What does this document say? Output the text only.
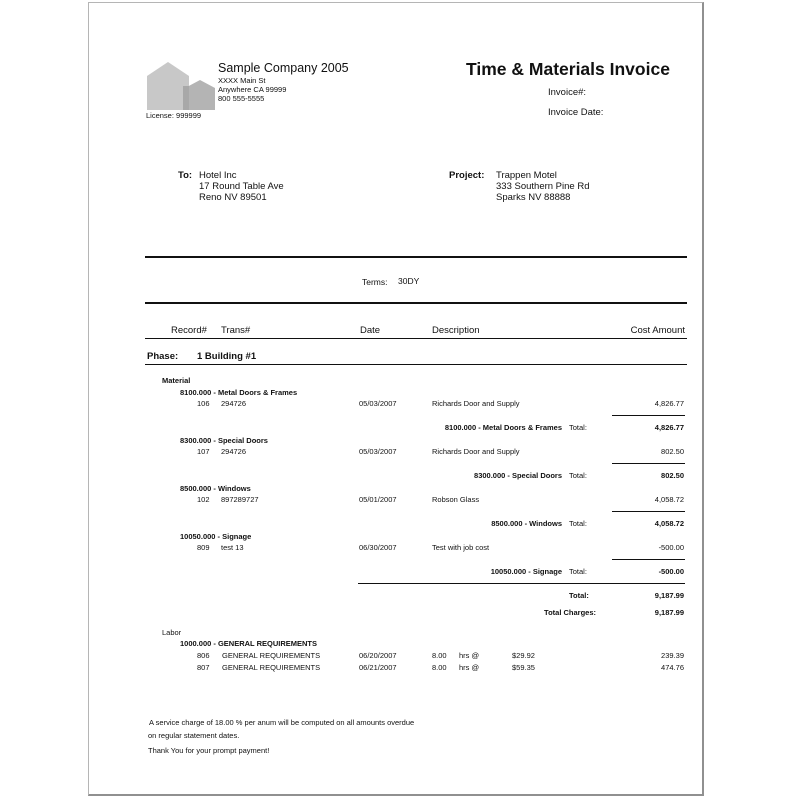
License: 999999
Sample Company 2005
XXXX Main St
Anywhere CA 99999
800 555-5555
Time & Materials Invoice
Invoice#:
Invoice Date:
To: Hotel Inc
17 Round Table Ave
Reno NV 89501
Project: Trappen Motel
333 Southern Pine Rd
Sparks NV 88888
Terms: 30DY
Record# Trans#	Date	Description	Cost Amount
Phase: 1 Building #1
Material
8100.000 - Metal Doors & Frames
106 294726	05/03/2007	Richards Door and Supply	4,826.77
8100.000 - Metal Doors & Frames Total:	4,826.77
8300.000 - Special Doors
107 294726	05/03/2007	Richards Door and Supply	802.50
8300.000 - Special Doors Total:	802.50
8500.000 - Windows
102 897289727	05/01/2007	Robson Glass	4,058.72
8500.000 - Windows Total:	4,058.72
10050.000 - Signage
809 test 13	06/30/2007	Test with job cost	-500.00
10050.000 - Signage Total:	-500.00
Total:	9,187.99
Total Charges:	9,187.99
Labor
1000.000 - GENERAL REQUIREMENTS
806 GENERAL REQUIREMENTS	06/20/2007	8.00 hrs @	$29.92	239.39
807 GENERAL REQUIREMENTS	06/21/2007	8.00 hrs @	$59.35	474.76
A service charge of 18.00 % per anum will be computed on all amounts overdue
on regular statement dates.
Thank You for your prompt payment!
